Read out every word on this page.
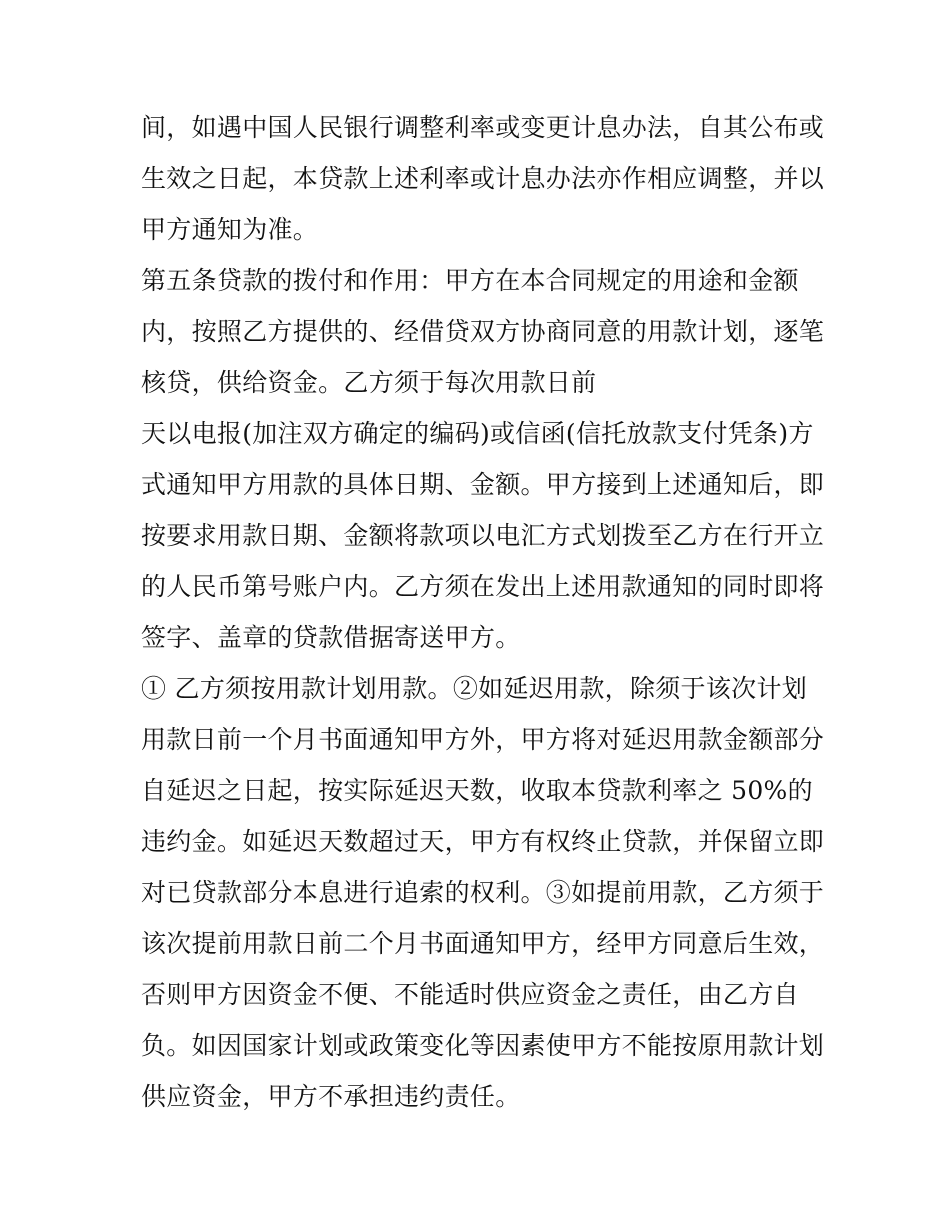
间，如遇中国人民银行调整利率或变更计息办法，自其公布或
生效之日起，本贷款上述利率或计息办法亦作相应调整，并以
甲方通知为准。
第五条贷款的拨付和作用：甲方在本合同规定的用途和金额
内，按照乙方提供的、经借贷双方协商同意的用款计划，逐笔
核贷，供给资金。乙方须于每次用款日前
天以电报(加注双方确定的编码)或信函(信托放款支付凭条)方
式通知甲方用款的具体日期、金额。甲方接到上述通知后，即
按要求用款日期、金额将款项以电汇方式划拨至乙方在行开立
的人民币第号账户内。乙方须在发出上述用款通知的同时即将
签字、盖章的贷款借据寄送甲方。
① 乙方须按用款计划用款。②如延迟用款，除须于该次计划
用款日前一个月书面通知甲方外，甲方将对延迟用款金额部分
自延迟之日起，按实际延迟天数，收取本贷款利率之 50%的
违约金。如延迟天数超过天，甲方有权终止贷款，并保留立即
对已贷款部分本息进行追索的权利。③如提前用款，乙方须于
该次提前用款日前二个月书面通知甲方，经甲方同意后生效，
否则甲方因资金不便、不能适时供应资金之责任，由乙方自
负。如因国家计划或政策变化等因素使甲方不能按原用款计划
供应资金，甲方不承担违约责任。
